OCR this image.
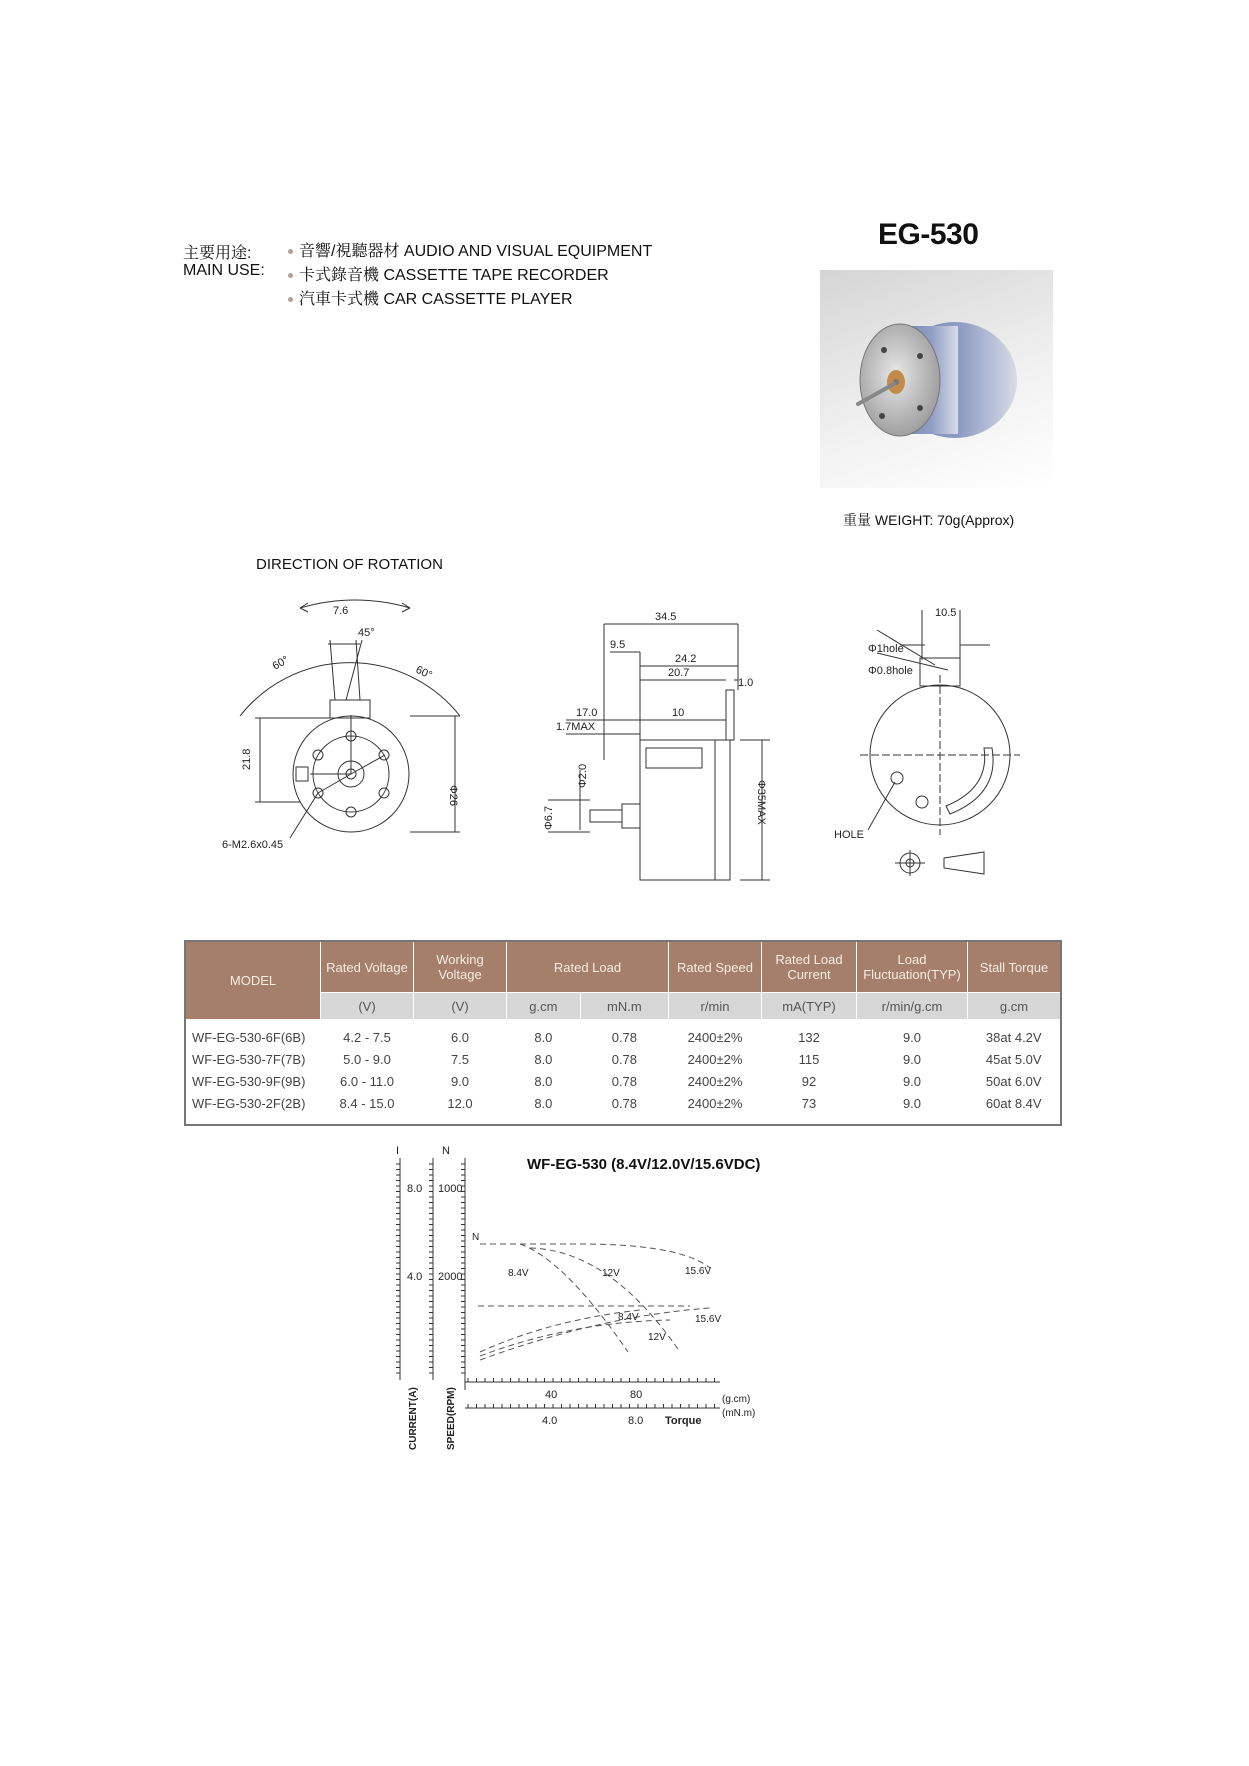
EG-530
主要用途:
MAIN USE:
音響/視聽器材 AUDIO AND VISUAL EQUIPMENT
卡式錄音機 CASSETTE TAPE RECORDER
汽車卡式機 CAR CASSETTE PLAYER
重量 WEIGHT: 70g(Approx)
DIRECTION OF ROTATION
7.6
45°
60°
60°
21.8
Φ26
6-M2.6x0.45
34.5
9.5
24.2
20.7
1.0
17.0	10
1.7MAX
Φ2.0
Φ6.7	Φ35MAX
10.5
Φ1hole
Φ0.8hole
HOLE
MODEL	Rated Voltage	Working Voltage	Rated Load		Rated Speed	Rated Load Current	Load Fluctuation(TYP)	Stall Torque
	(V)	(V)	g.cm	mN.m	r/min	mA(TYP)	r/min/g.cm	g.cm
WF-EG-530-6F(6B)	4.2 - 7.5	6.0	8.0	0.78	2400±2%	132	9.0	38at 4.2V
WF-EG-530-7F(7B)	5.0 - 9.0	7.5	8.0	0.78	2400±2%	115	9.0	45at 5.0V
WF-EG-530-9F(9B)	6.0 - 11.0	9.0	8.0	0.78	2400±2%	92	9.0	50at 6.0V
WF-EG-530-2F(2B)	8.4 - 15.0	12.0	8.0	0.78	2400±2%	73	9.0	60at 8.4V
WF-EG-530 (8.4V/12.0V/15.6VDC)
I	N
8.0
4.0
1000
2000
40	80
4.0	8.0 Torque
(g.cm)
(mN.m)
N
8.4V	12V	15.6V
8.4V
12V
15.6V
CURRENT(A)	SPEED(RPM)
